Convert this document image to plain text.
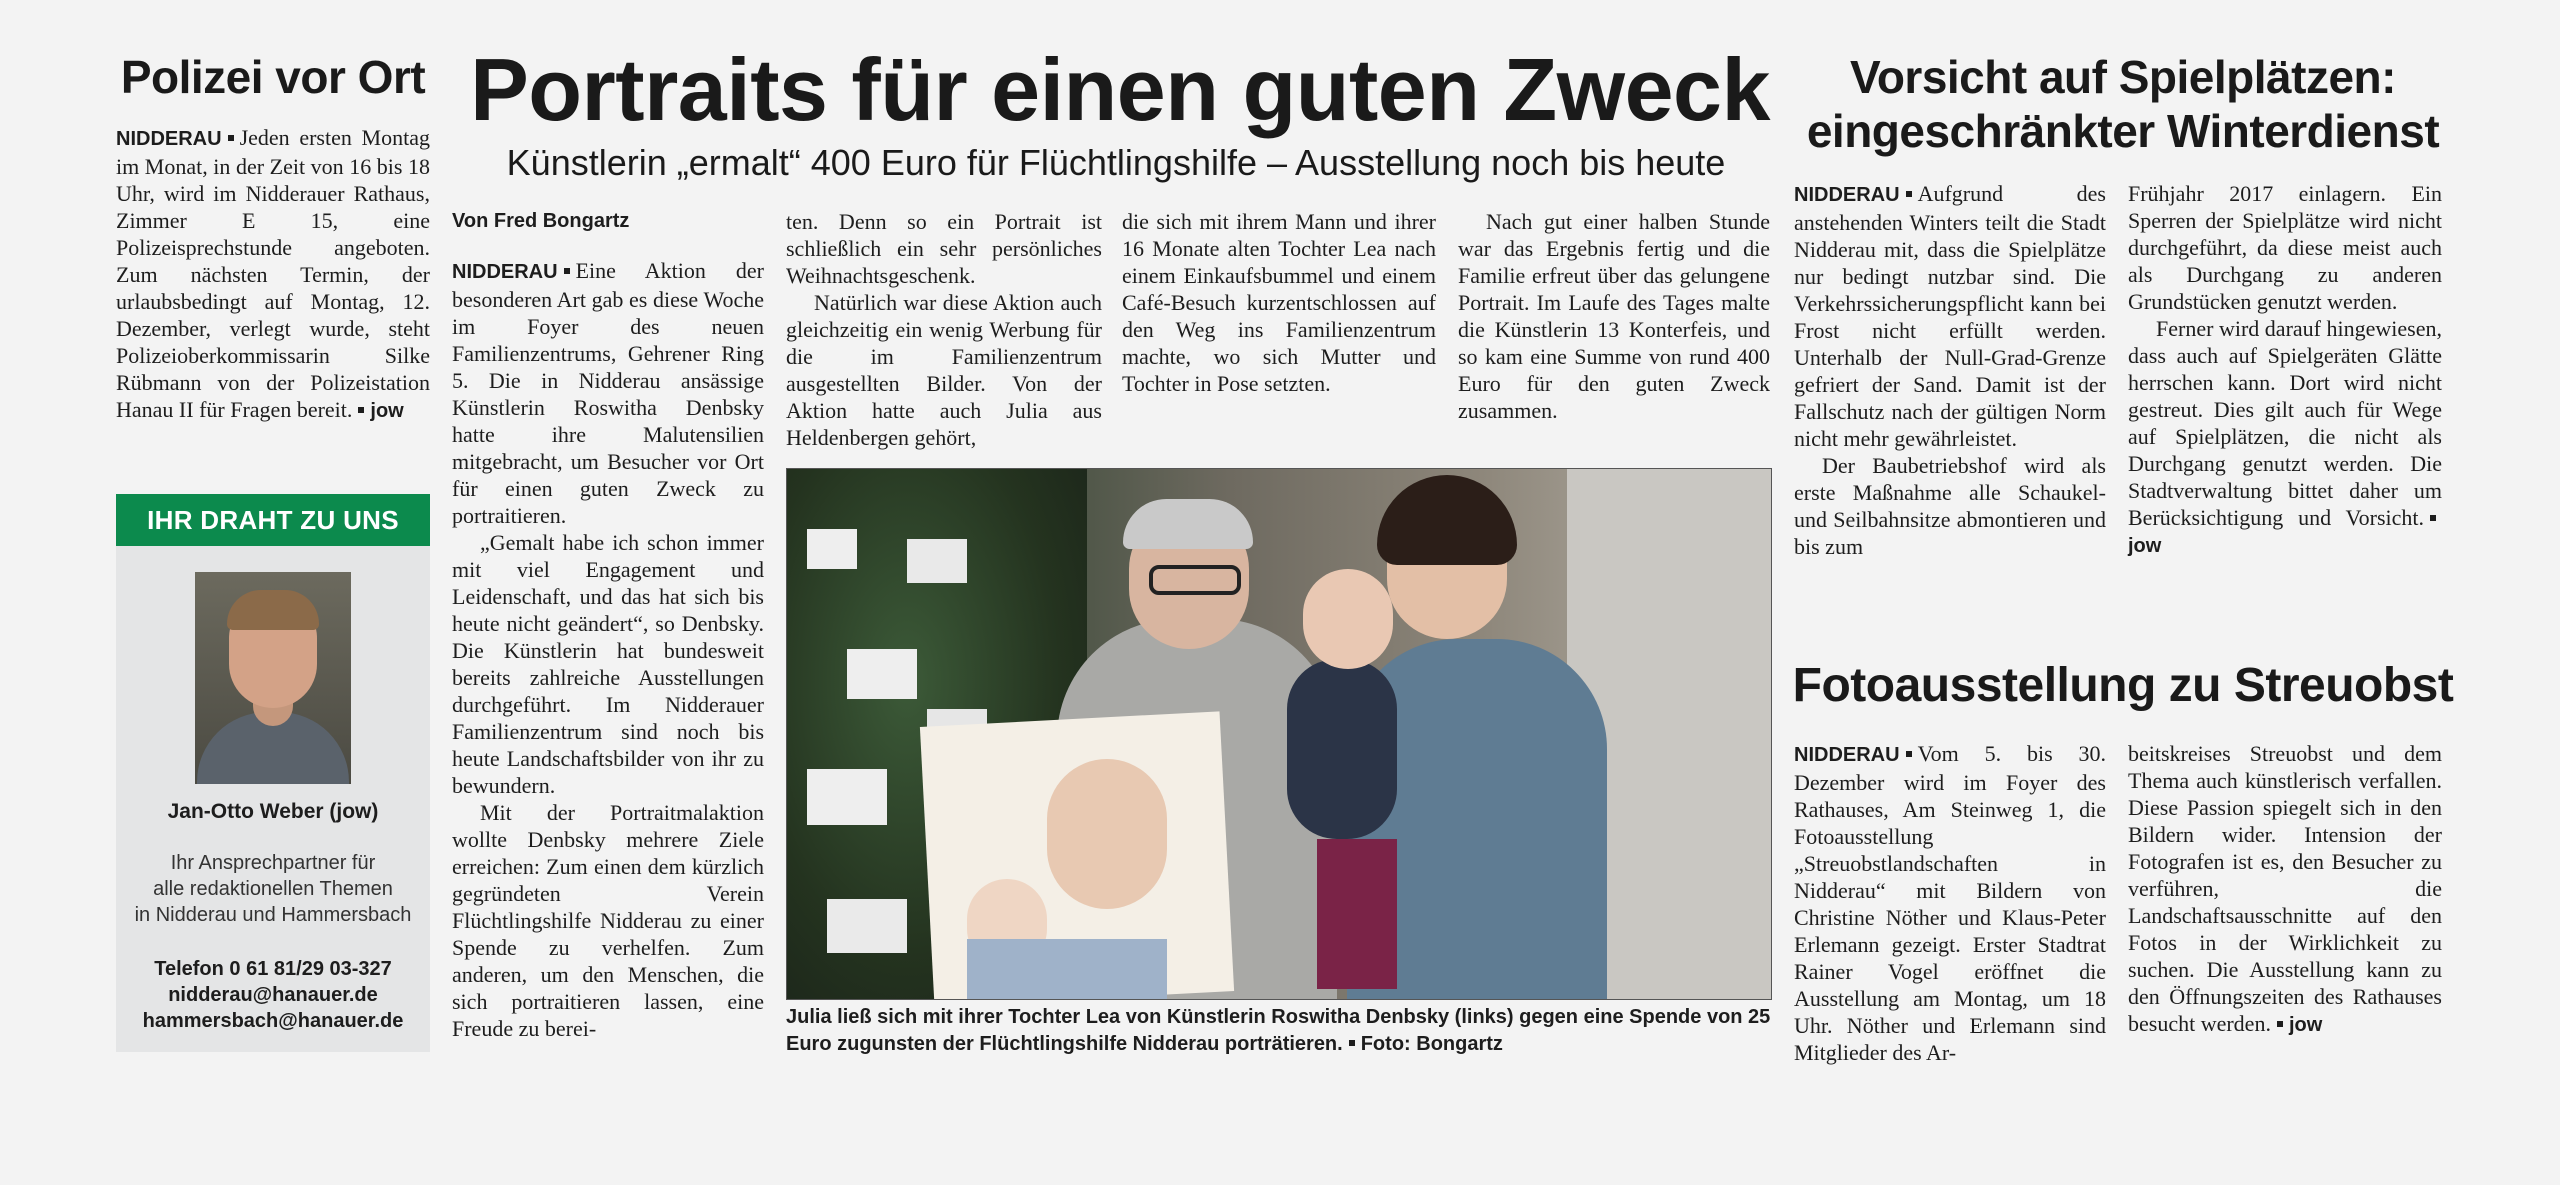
Polizei vor Ort

NIDDERAU Jeden ersten Montag im Monat, in der Zeit von 16 bis 18 Uhr, wird im Nidderauer Rathaus, Zimmer E 15, eine Polizeisprechstunde angeboten. Zum nächsten Termin, der urlaubsbedingt auf Montag, 12. Dezember, verlegt wurde, steht Polizeioberkommissarin Silke Rübmann von der Polizeistation Hanau II für Fragen bereit. jow

IHR DRAHT ZU UNS
Jan-Otto Weber (jow)
Ihr Ansprechpartner für
alle redaktionellen Themen
in Nidderau und Hammersbach
Telefon 0 61 81/29 03-327
nidderau@hanauer.de
hammersbach@hanauer.de
Portraits für einen guten Zweck
Künstlerin „ermalt“ 400 Euro für Flüchtlingshilfe – Ausstellung noch bis heute
Von Fred Bongartz

NIDDERAU Eine Aktion der besonderen Art gab es diese Woche im Foyer des neuen Familienzentrums, Gehrener Ring 5. Die in Nidderau ansässige Künstlerin Roswitha Denbsky hatte ihre Malutensilien mitgebracht, um Besucher vor Ort für einen guten Zweck zu portraitieren.

„Gemalt habe ich schon immer mit viel Engagement und Leidenschaft, und das hat sich bis heute nicht geändert“, so Denbsky. Die Künstlerin hat bundesweit bereits zahlreiche Ausstellungen durchgeführt. Im Nidderauer Familienzentrum sind noch bis heute Landschaftsbilder von ihr zu bewundern.

Mit der Portraitmalaktion wollte Denbsky mehrere Ziele erreichen: Zum einen dem kürzlich gegründeten Verein Flüchtlingshilfe Nidderau zu einer Spende zu verhelfen. Zum anderen, um den Menschen, die sich portraitieren lassen, eine Freude zu berei-

ten. Denn so ein Portrait ist schließlich ein sehr persönliches Weihnachtsgeschenk.

Natürlich war diese Aktion auch gleichzeitig ein wenig Werbung für die im Familienzentrum ausgestellten Bilder. Von der Aktion hatte auch Julia aus Heldenbergen gehört,

die sich mit ihrem Mann und ihrer 16 Monate alten Tochter Lea nach einem Einkaufsbummel und einem Café-Besuch kurzentschlossen auf den Weg ins Familienzentrum machte, wo sich Mutter und Tochter in Pose setzten.

Nach gut einer halben Stunde war das Ergebnis fertig und die Familie erfreut über das gelungene Portrait. Im Laufe des Tages malte die Künstlerin 13 Konterfeis, und so kam eine Summe von rund 400 Euro für den guten Zweck zusammen.

Julia ließ sich mit ihrer Tochter Lea von Künstlerin Roswitha Denbsky (links) gegen eine Spende von 25 Euro zugunsten der Flüchtlingshilfe Nidderau porträtieren. Foto: Bongartz
Vorsicht auf Spielplätzen:
eingeschränkter Winterdienst

NIDDERAU Aufgrund des anstehenden Winters teilt die Stadt Nidderau mit, dass die Spielplätze nur bedingt nutzbar sind. Die Verkehrssicherungspflicht kann bei Frost nicht erfüllt werden. Unterhalb der Null-Grad-Grenze gefriert der Sand. Damit ist der Fallschutz nach der gültigen Norm nicht mehr gewährleistet.

Der Baubetriebshof wird als erste Maßnahme alle Schaukel- und Seilbahnsitze abmontieren und bis zum

Frühjahr 2017 einlagern. Ein Sperren der Spielplätze wird nicht durchgeführt, da diese meist auch als Durchgang zu anderen Grundstücken genutzt werden.

Ferner wird darauf hingewiesen, dass auch auf Spielgeräten Glätte herrschen kann. Dort wird nicht gestreut. Dies gilt auch für Wege auf Spielplätzen, die nicht als Durchgang genutzt werden. Die Stadtverwaltung bittet daher um Berücksichtigung und Vorsicht.jow

Fotoausstellung zu Streuobst

NIDDERAU Vom 5. bis 30. Dezember wird im Foyer des Rathauses, Am Steinweg 1, die Fotoausstellung „Streuobstlandschaften in Nidderau“ mit Bildern von Christine Nöther und Klaus-Peter Erlemann gezeigt. Erster Stadtrat Rainer Vogel eröffnet die Ausstellung am Montag, um 18 Uhr. Nöther und Erlemann sind Mitglieder des Ar-

beitskreises Streuobst und dem Thema auch künstlerisch verfallen. Diese Passion spiegelt sich in den Bildern wider. Intension der Fotografen ist es, den Besucher zu verführen, die Landschaftsausschnitte auf den Fotos in der Wirklichkeit zu suchen. Die Ausstellung kann zu den Öffnungszeiten des Rathauses besucht werden. jow
